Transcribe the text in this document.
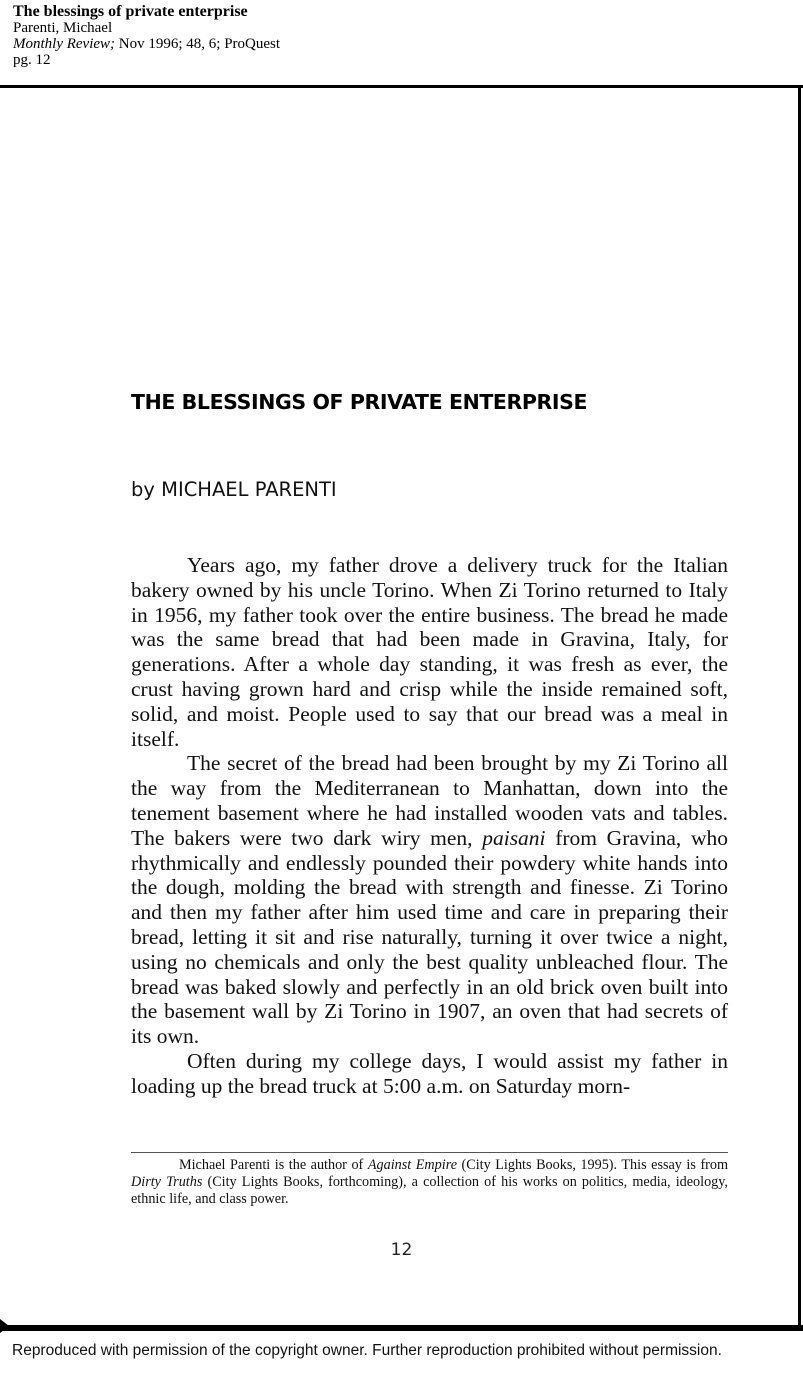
The blessings of private enterprise
Parenti, Michael
Monthly Review; Nov 1996; 48, 6; ProQuest
pg. 12
THE BLESSINGS OF PRIVATE ENTERPRISE
by MICHAEL PARENTI

Years ago, my father drove a delivery truck for the Italian bakery owned by his uncle Torino. When Zi Torino returned to Italy in 1956, my father took over the entire business. The bread he made was the same bread that had been made in Gravina, Italy, for generations. After a whole day standing, it was fresh as ever, the crust having grown hard and crisp while the inside remained soft, solid, and moist. People used to say that our bread was a meal in itself.

The secret of the bread had been brought by my Zi Torino all the way from the Mediterranean to Manhattan, down into the tenement basement where he had installed wooden vats and tables. The bakers were two dark wiry men, paisani from Gravina, who rhythmically and endlessly pounded their powdery white hands into the dough, molding the bread with strength and finesse. Zi Torino and then my father after him used time and care in preparing their bread, letting it sit and rise naturally, turning it over twice a night, using no chemicals and only the best quality unbleached flour. The bread was baked slowly and perfectly in an old brick oven built into the basement wall by Zi Torino in 1907, an oven that had secrets of its own.

Often during my college days, I would assist my father in loading up the bread truck at 5:00 a.m. on Saturday morn-

Michael Parenti is the author of Against Empire (City Lights Books, 1995). This essay is from Dirty Truths (City Lights Books, forthcoming), a collection of his works on politics, media, ideology, ethnic life, and class power.
12
Reproduced with permission of the copyright owner. Further reproduction prohibited without permission.
